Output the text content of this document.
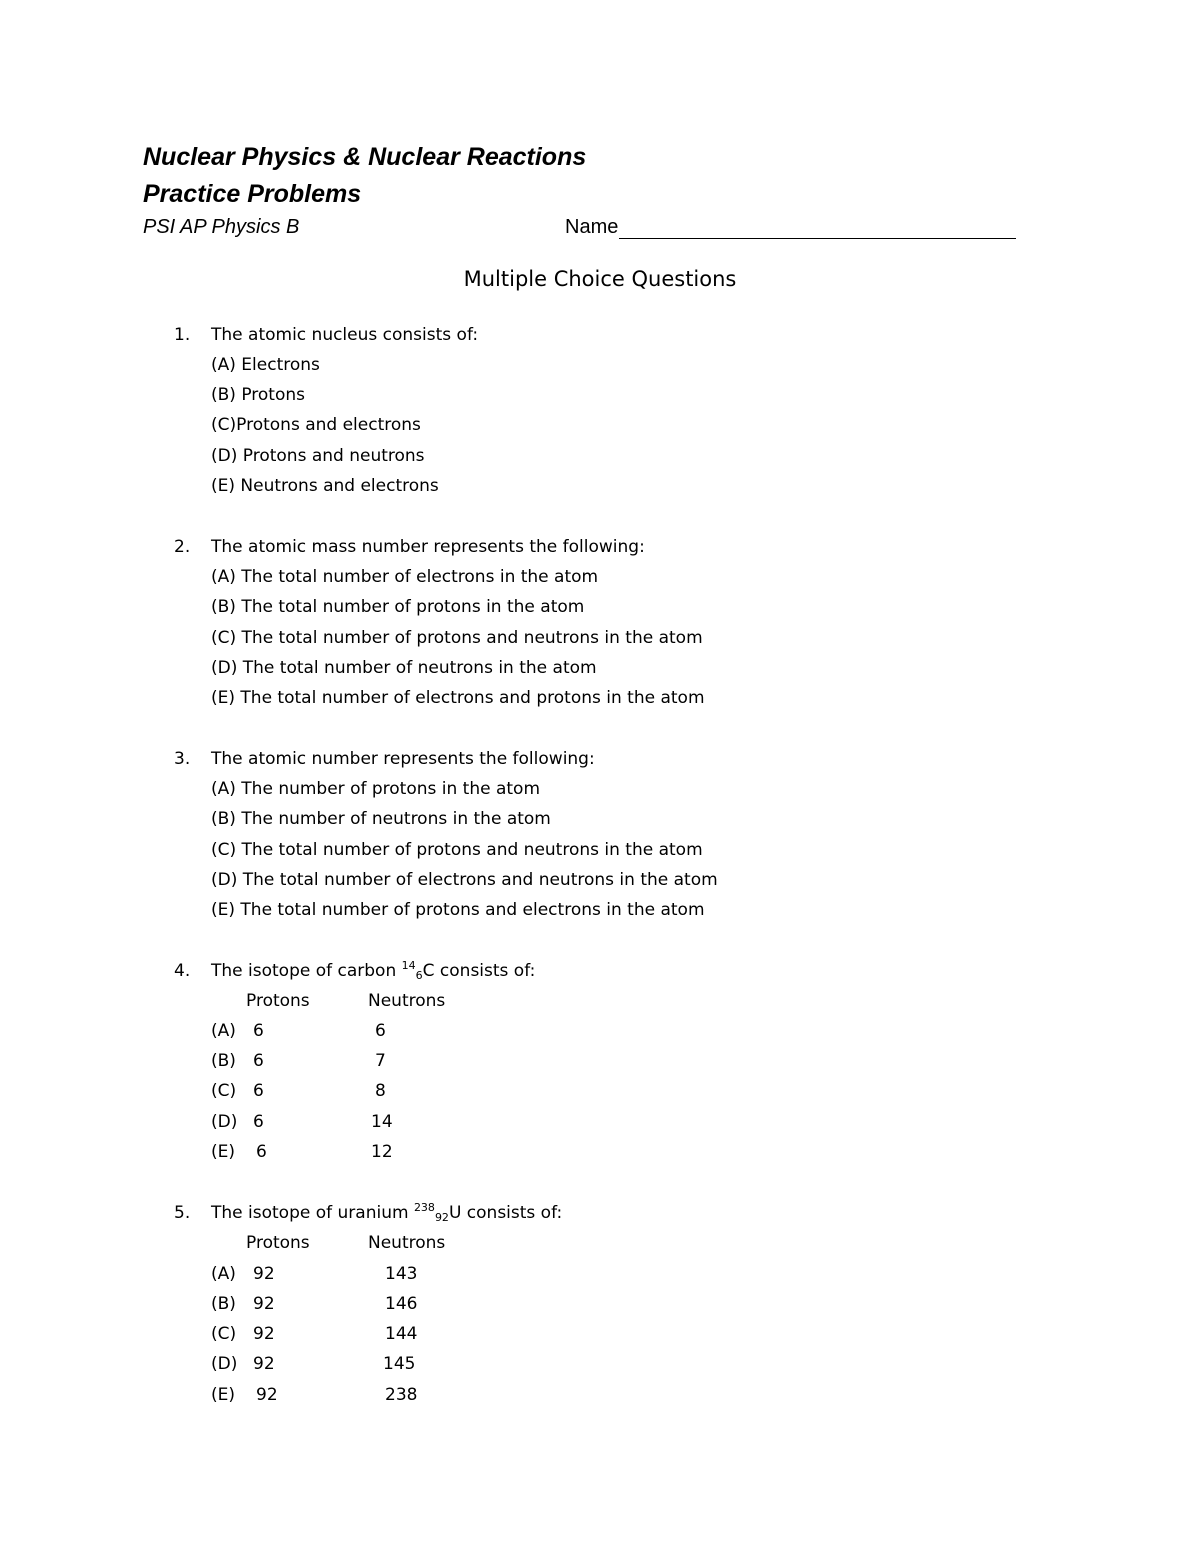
Nuclear Physics & Nuclear Reactions
Practice Problems
PSI AP Physics B	Name
Multiple Choice Questions
1. The atomic nucleus consists of:
(A) Electrons
(B) Protons
(C)Protons and electrons
(D) Protons and neutrons
(E) Neutrons and electrons
2. The atomic mass number represents the following:
(A) The total number of electrons in the atom
(B) The total number of protons in the atom
(C) The total number of protons and neutrons in the atom
(D) The total number of neutrons in the atom
(E) The total number of electrons and protons in the atom
3. The atomic number represents the following:
(A) The number of protons in the atom
(B) The number of neutrons in the atom
(C) The total number of protons and neutrons in the atom
(D) The total number of electrons and neutrons in the atom
(E) The total number of protons and electrons in the atom
4. The isotope of carbon $^{14}_6$C consists of:
Protons	Neutrons
(A) 6	6
(B) 6	7
(C) 6	8
(D) 6	14
(E) 6	12
5. The isotope of uranium $^{238}_{92}$U consists of:
Protons	Neutrons
(A) 92	143
(B) 92	146
(C) 92	144
(D) 92	145
(E) 92	238
